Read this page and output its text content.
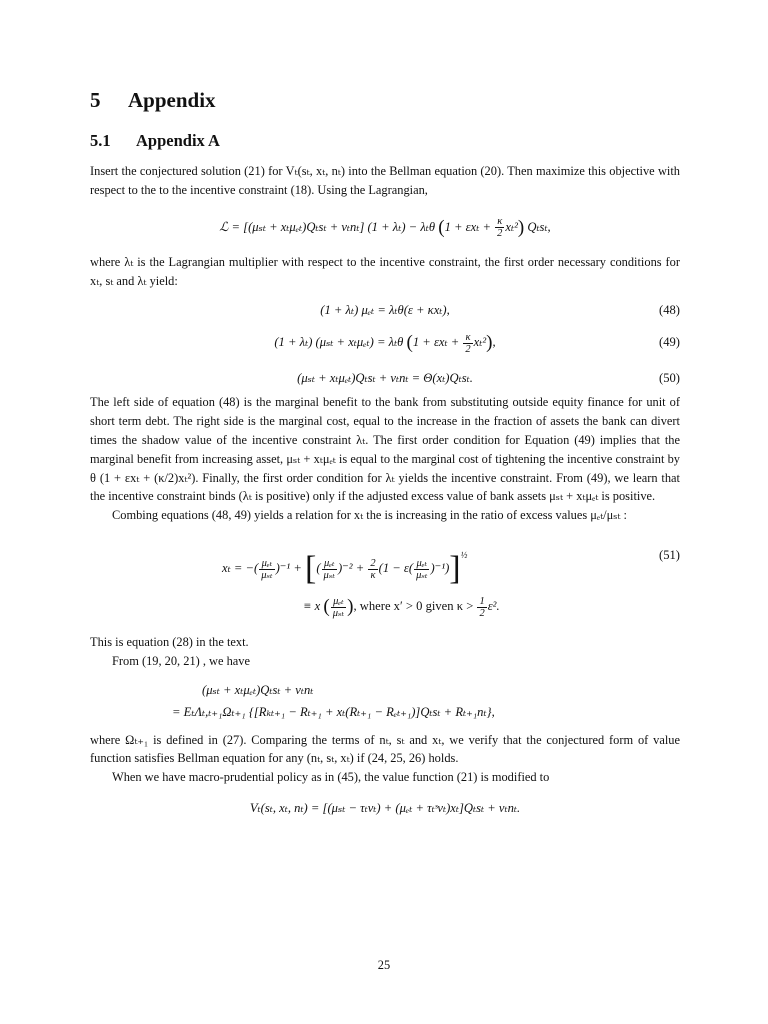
5 Appendix
5.1 Appendix A

Insert the conjectured solution (21) for Vₜ(sₜ, xₜ, nₜ) into the Bellman equation (20). Then maximize this objective with respect to the to the incentive constraint (18). Using the Lagrangian,

ℒ = [(μₛₜ + xₜμₑₜ)Qₜsₜ + νₜnₜ] (1 + λₜ) − λₜθ $(1 + \varepsilon x_t + \frac{\kappa}{2} x_t^2)$ Qₜsₜ,

where λₜ is the Lagrangian multiplier with respect to the incentive constraint, the first order necessary conditions for xₜ, sₜ and λₜ yield:

(1 + λₜ) μₑₜ = λₜθ(ε + κxₜ),	(48)
(1 + λₜ) (μₛₜ + xₜμₑₜ) = λₜθ $(1 + \varepsilon x_t + \frac{\kappa}{2} x_t^2)$,	(49)
(μₛₜ + xₜμₑₜ)Qₜsₜ + νₜnₜ = Θ(xₜ)Qₜsₜ.	(50)

The left side of equation (48) is the marginal benefit to the bank from substituting outside equity finance for unit of short term debt. The right side is the marginal cost, equal to the increase in the fraction of assets the bank can divert times the shadow value of the incentive constraint λₜ. The first order condition for Equation (49) implies that the marginal benefit from increasing asset, μₛₜ + xₜμₑₜ is equal to the marginal cost of tightening the incentive constraint by θ (1 + εxₜ + (κ/2)xₜ²). Finally, the first order condition for λₜ yields the incentive constraint. From (49), we learn that the incentive constraint binds (λₜ is positive) only if the adjusted excess value of bank assets μₛₜ + xₜμₑₜ is positive.

Combing equations (48, 49) yields a relation for xₜ the is increasing in the ratio of excess values μₑₜ/μₛₜ :

xₜ = −( $\frac{\text{μₑₜ}}{\text{μₛₜ}} )^{-1}$ + [( $\frac{\text{μₑₜ}}{\text{μₛₜ}} )^{-2} + \frac{2}{\kappa} (1 - \varepsilon( \frac{\text{μₑₜ}}{\text{μₛₜ}} )^{-1})]^{\frac{1}{2}}$	(51)
≡ x ( $\frac{\text{μₑₜ}}{\text{μₛₜ}}$ ), where x′ > 0 given $\kappa > \frac{1}{2} \varepsilon^2$.

This is equation (28) in the text.

From (19, 20, 21) , we have

(μₛₜ + xₜμₑₜ)Qₜsₜ + νₜnₜ
= EₜΛₜ,ₜ₊₁Ωₜ₊₁ {[Rₖₜ₊₁ − Rₜ₊₁ + xₜ(Rₜ₊₁ − Rₑₜ₊₁)]Qₜsₜ + Rₜ₊₁nₜ},

where Ωₜ₊₁ is defined in (27). Comparing the terms of nₜ, sₜ and xₜ, we verify that the conjectured form of value function satisfies Bellman equation for any (nₜ, sₜ, xₜ) if (24, 25, 26) holds.

When we have macro-prudential policy as in (45), the value function (21) is modified to

Vₜ(sₜ, xₜ, nₜ) = [(μₛₜ − τₜνₜ) + (μₑₜ + τₜˢνₜ)xₜ]Qₜsₜ + νₜnₜ.
25
